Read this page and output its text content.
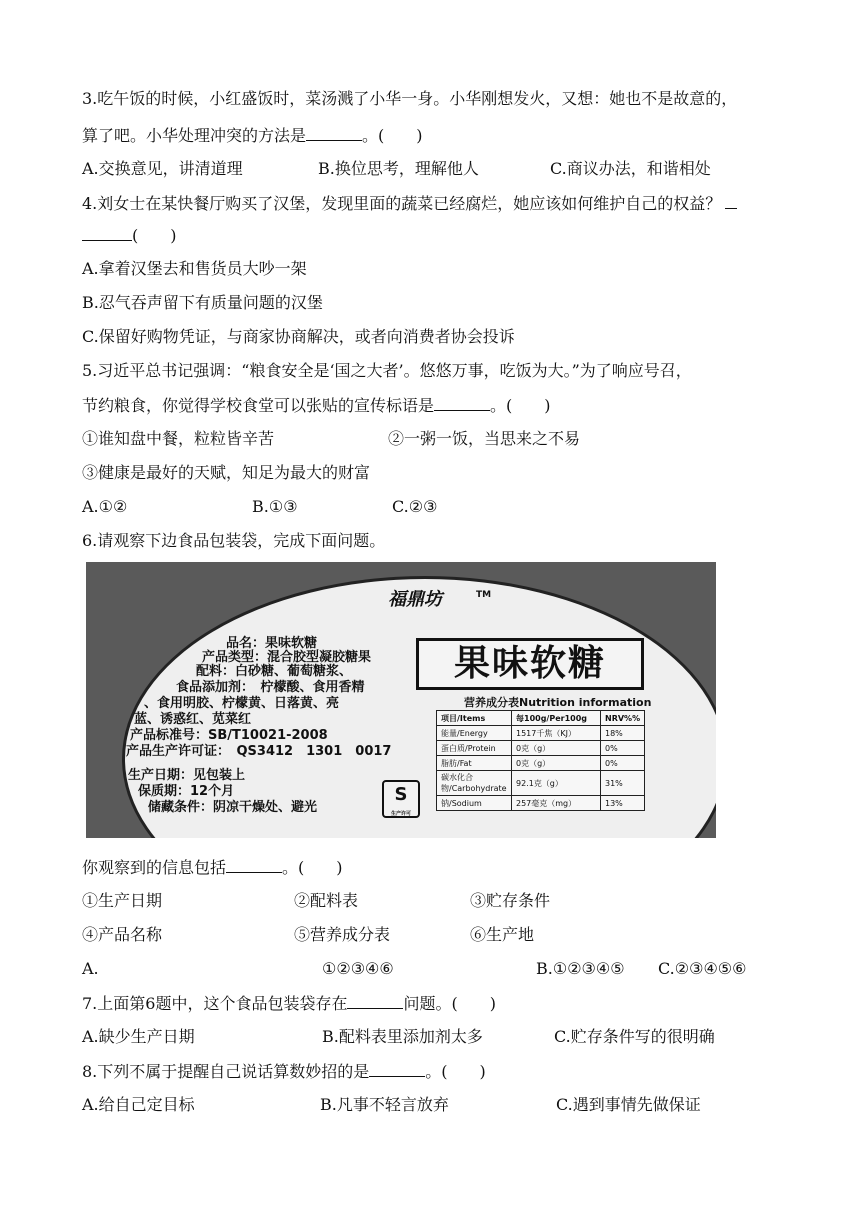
3.吃午饭的时候，小红盛饭时，菜汤溅了小华一身。小华刚想发火，又想：她也不是故意的，
算了吧。小华处理冲突的方法是	。(　　)
A.交换意见，讲清道理	B.换位思考，理解他人	C.商议办法，和谐相处
4.刘女士在某快餐厅购买了汉堡，发现里面的蔬菜已经腐烂，她应该如何维护自己的权益？
(　　)
A.拿着汉堡去和售货员大吵一架
B.忍气吞声留下有质量问题的汉堡
C.保留好购物凭证，与商家协商解决，或者向消费者协会投诉
5.习近平总书记强调：“粮食安全是‘国之大者’。悠悠万事，吃饭为大。”为了响应号召，
节约粮食，你觉得学校食堂可以张贴的宣传标语是	。(　　)
①谁知盘中餐，粒粒皆辛苦	②一粥一饭，当思来之不易
③健康是最好的天赋，知足为最大的财富
A.①②	B.①③	C.②③
6.请观察下边食品包装袋，完成下面问题。
福鼎坊	TM
果味软糖
品名：果味软糖
产品类型：混合胶型凝胶糖果
配料：白砂糖、葡萄糖浆、
食品添加剂：　柠檬酸、食用香精
、食用明胶、柠檬黄、日落黄、亮
蓝、诱惑红、苋菜红
产品标准号：SB/T10021-2008
产品生产许可证：　QS3412　1301　0017
生产日期：见包装上
保质期：12个月
储藏条件：阴凉干燥处、避光
S
生产许可
营养成分表Nutrition information
项目/Items	每100g/Per100g	NRV%%
能量/Energy	1517千焦（KJ）	18%
蛋白质/Protein	0克（g）	0%
脂肪/Fat	0克（g）	0%
碳水化合物/Carbohydrate	92.1克（g）	31%
钠/Sodium	257毫克（mg）	13%
你观察到的信息包括	。(　　)
①生产日期	②配料表	③贮存条件
④产品名称	⑤营养成分表	⑥生产地
A.	①②③④⑥	B.①②③④⑤ C.②③④⑤⑥
7.上面第6题中，这个食品包装袋存在	问题。(　　)
A.缺少生产日期	B.配料表里添加剂太多	C.贮存条件写的很明确
8.下列不属于提醒自己说话算数妙招的是	。(　　)
A.给自己定目标	B.凡事不轻言放弃	C.遇到事情先做保证
